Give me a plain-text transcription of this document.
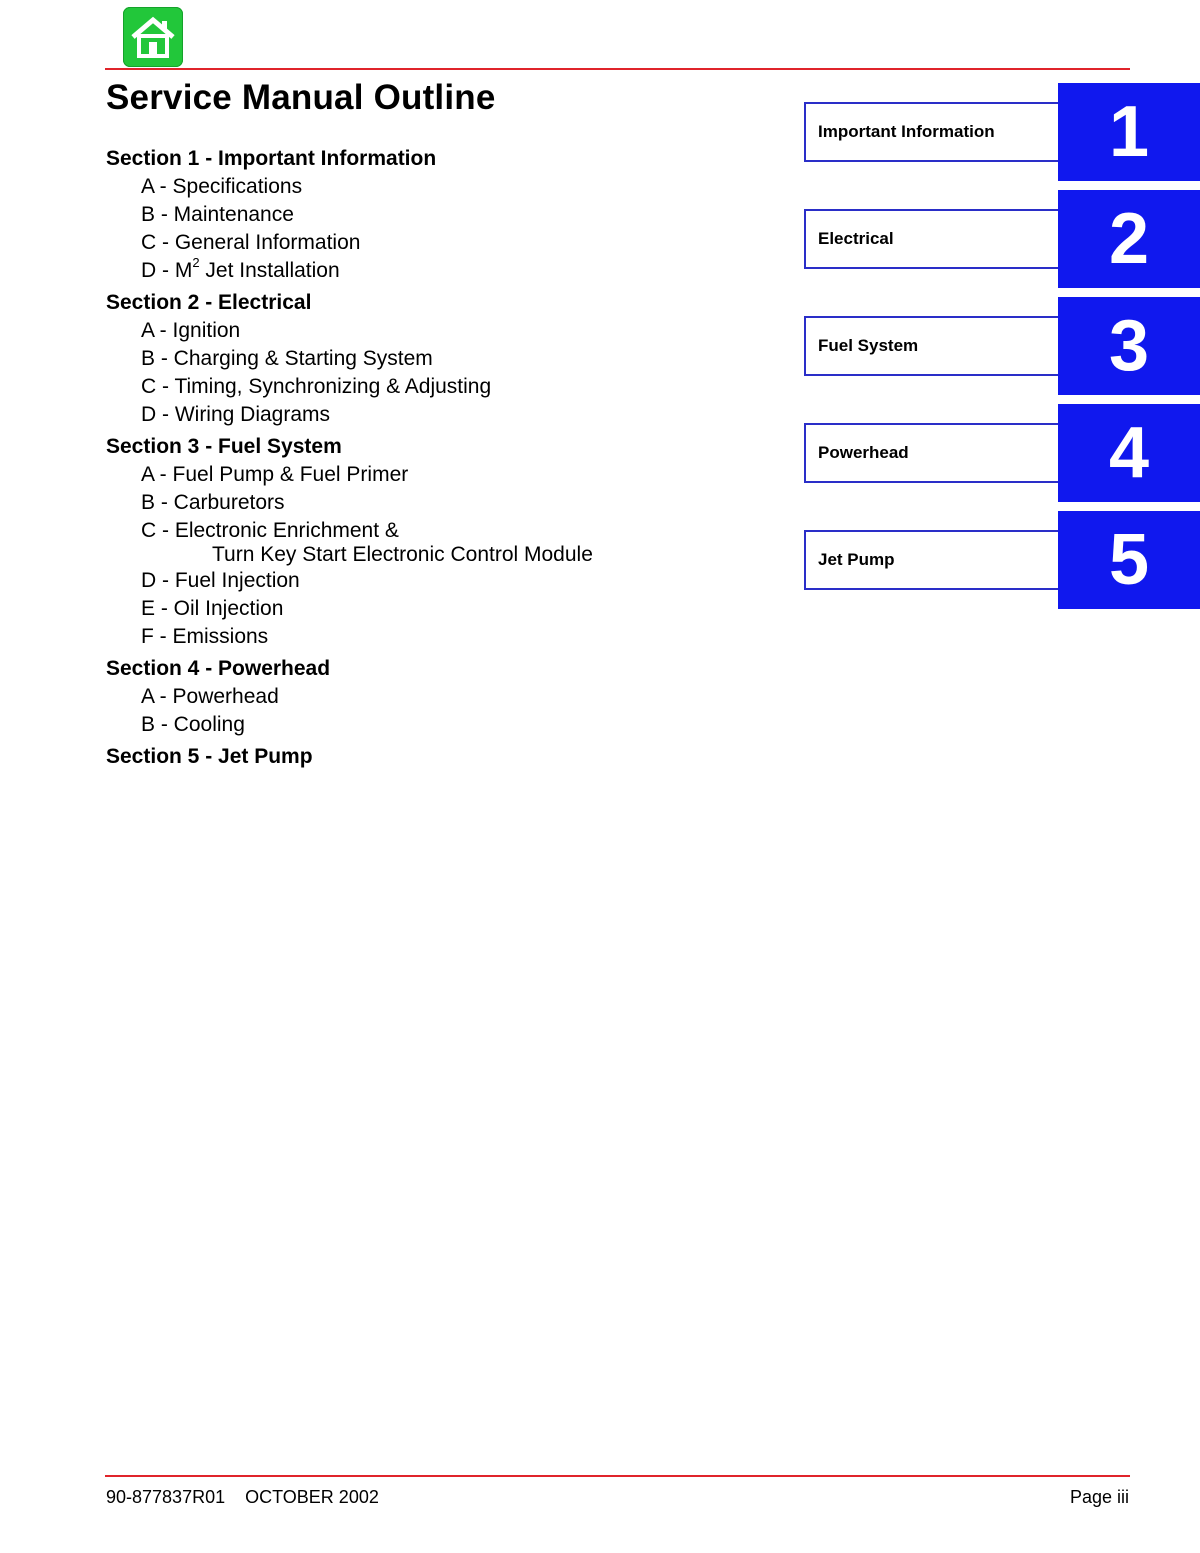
Service Manual Outline
Section 1 - Important Information
A - Specifications
B - Maintenance
C - General Information
D - $M^2$ Jet Installation
Section 2 - Electrical
A - Ignition
B - Charging & Starting System
C - Timing, Synchronizing & Adjusting
D - Wiring Diagrams
Section 3 - Fuel System
A - Fuel Pump & Fuel Primer
B - Carburetors
C - Electronic Enrichment &
Turn Key Start Electronic Control Module
D - Fuel Injection
E - Oil Injection
F - Emissions
Section 4 - Powerhead
A - Powerhead
B - Cooling
Section 5 - Jet Pump
Important Information	1
Electrical	2
Fuel System	3
Powerhead	4
Jet Pump	5
90-877837R01 OCTOBER 2002	Page iii
